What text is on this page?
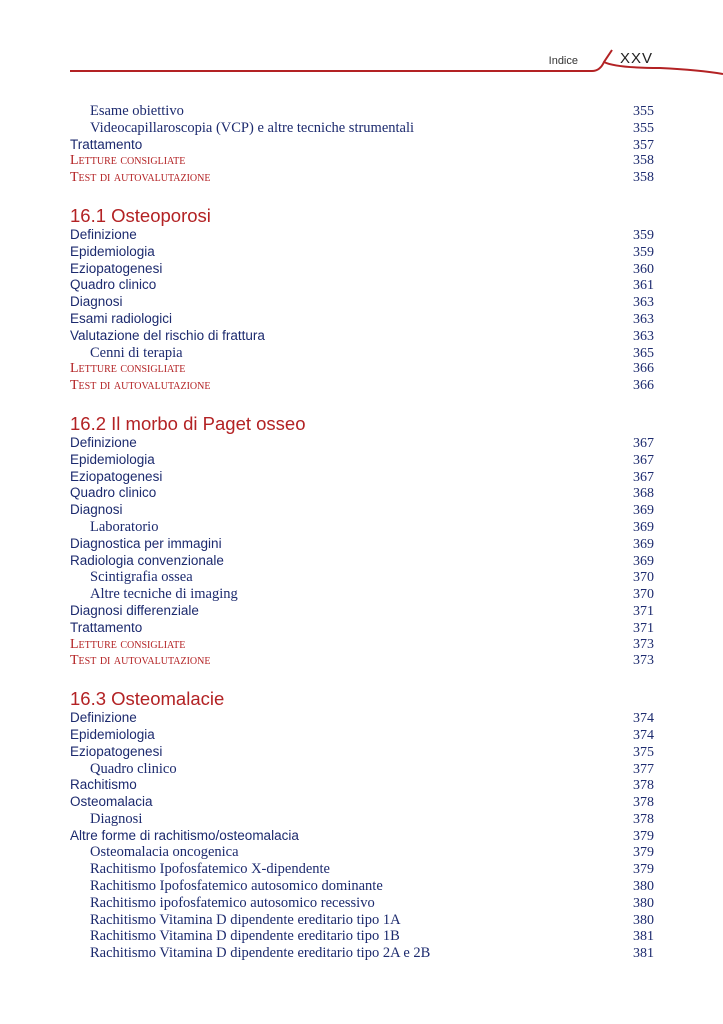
Indice	XXV
Esame obiettivo	355
Videocapillaroscopia (VCP) e altre tecniche strumentali	355
Trattamento	357
Letture consigliate	358
Test di autovalutazione	358
16.1 Osteoporosi
Definizione	359
Epidemiologia	359
Eziopatogenesi	360
Quadro clinico	361
Diagnosi	363
Esami radiologici	363
Valutazione del rischio di frattura	363
Cenni di terapia	365
Letture consigliate	366
Test di autovalutazione	366
16.2 Il morbo di Paget osseo
Definizione	367
Epidemiologia	367
Eziopatogenesi	367
Quadro clinico	368
Diagnosi	369
Laboratorio	369
Diagnostica per immagini	369
Radiologia convenzionale	369
Scintigrafia ossea	370
Altre tecniche di imaging	370
Diagnosi differenziale	371
Trattamento	371
Letture consigliate	373
Test di autovalutazione	373
16.3 Osteomalacie
Definizione	374
Epidemiologia	374
Eziopatogenesi	375
Quadro clinico	377
Rachitismo	378
Osteomalacia	378
Diagnosi	378
Altre forme di rachitismo/osteomalacia	379
Osteomalacia oncogenica	379
Rachitismo Ipofosfatemico X-dipendente	379
Rachitismo Ipofosfatemico autosomico dominante	380
Rachitismo ipofosfatemico autosomico recessivo	380
Rachitismo Vitamina D dipendente ereditario tipo 1A	380
Rachitismo Vitamina D dipendente ereditario tipo 1B	381
Rachitismo Vitamina D dipendente ereditario tipo 2A e 2B	381
